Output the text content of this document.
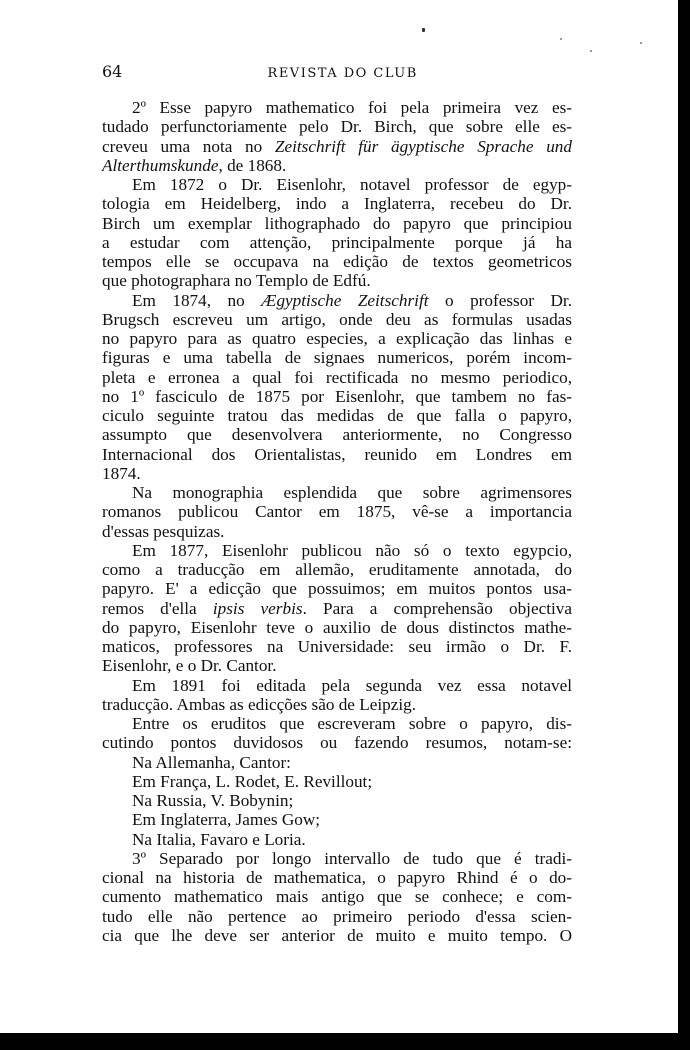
64	REVISTA DO CLUB
2º Esse papyro mathematico foi pela primeira vez es-
tudado perfunctoriamente pelo Dr. Birch, que sobre elle es-
creveu uma nota no Zeitschrift für ägyptische Sprache und
Alterthumskunde, de 1868.
Em 1872 o Dr. Eisenlohr, notavel professor de egyp-
tologia em Heidelberg, indo a Inglaterra, recebeu do Dr.
Birch um exemplar lithographado do papyro que principiou
a estudar com attenção, principalmente porque já ha
tempos elle se occupava na edição de textos geometricos
que photographara no Templo de Edfú.
Em 1874, no Ægyptische Zeitschrift o professor Dr.
Brugsch escreveu um artigo, onde deu as formulas usadas
no papyro para as quatro especies, a explicação das linhas e
figuras e uma tabella de signaes numericos, porém incom-
pleta e erronea a qual foi rectificada no mesmo periodico,
no 1º fasciculo de 1875 por Eisenlohr, que tambem no fas-
ciculo seguinte tratou das medidas de que falla o papyro,
assumpto que desenvolvera anteriormente, no Congresso
Internacional dos Orientalistas, reunido em Londres em
1874.
Na monographia esplendida que sobre agrimensores
romanos publicou Cantor em 1875, vê-se a importancia
d'essas pesquizas.
Em 1877, Eisenlohr publicou não só o texto egypcio,
como a traducção em allemão, eruditamente annotada, do
papyro. E' a edicção que possuimos; em muitos pontos usa-
remos d'ella ipsis verbis. Para a comprehensão objectiva
do papyro, Eisenlohr teve o auxilio de dous distinctos mathe-
maticos, professores na Universidade: seu irmão o Dr. F.
Eisenlohr, e o Dr. Cantor.
Em 1891 foi editada pela segunda vez essa notavel
traducção. Ambas as edicções são de Leipzig.
Entre os eruditos que escreveram sobre o papyro, dis-
cutindo pontos duvidosos ou fazendo resumos, notam-se:
Na Allemanha, Cantor:
Em França, L. Rodet, E. Revillout;
Na Russia, V. Bobynin;
Em Inglaterra, James Gow;
Na Italia, Favaro e Loria.
3º Separado por longo intervallo de tudo que é tradi-
cional na historia de mathematica, o papyro Rhind é o do-
cumento mathematico mais antigo que se conhece; e com-
tudo elle não pertence ao primeiro periodo d'essa scien-
cia que lhe deve ser anterior de muito e muito tempo. O
